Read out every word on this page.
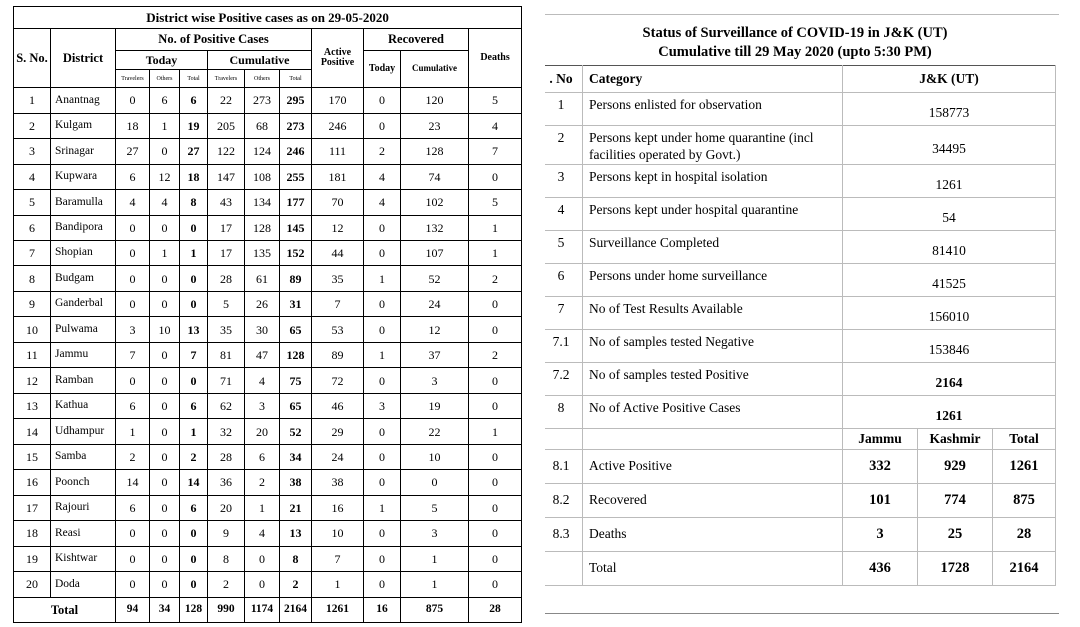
District wise Positive cases as on 29-05-2020											
S. No.	District	No. of Positive Cases						Active Positive	Recovered		Deaths
		Today			Cumulative				Today	Cumulative	
		Travelers	Others	Total	Travelers	Others	Total				
1	Anantnag	0	6	6	22	273	295	170	0	120	5
2	Kulgam	18	1	19	205	68	273	246	0	23	4
3	Srinagar	27	0	27	122	124	246	111	2	128	7
4	Kupwara	6	12	18	147	108	255	181	4	74	0
5	Baramulla	4	4	8	43	134	177	70	4	102	5
6	Bandipora	0	0	0	17	128	145	12	0	132	1
7	Shopian	0	1	1	17	135	152	44	0	107	1
8	Budgam	0	0	0	28	61	89	35	1	52	2
9	Ganderbal	0	0	0	5	26	31	7	0	24	0
10	Pulwama	3	10	13	35	30	65	53	0	12	0
11	Jammu	7	0	7	81	47	128	89	1	37	2
12	Ramban	0	0	0	71	4	75	72	0	3	0
13	Kathua	6	0	6	62	3	65	46	3	19	0
14	Udhampur	1	0	1	32	20	52	29	0	22	1
15	Samba	2	0	2	28	6	34	24	0	10	0
16	Poonch	14	0	14	36	2	38	38	0	0	0
17	Rajouri	6	0	6	20	1	21	16	1	5	0
18	Reasi	0	0	0	9	4	13	10	0	3	0
19	Kishtwar	0	0	0	8	0	8	7	0	1	0
20	Doda	0	0	0	2	0	2	1	0	1	0
Total		94	34	128	990	1174	2164	1261	16	875	28
Status of Surveillance of COVID-19 in J&K (UT)
Cumulative till 29 May 2020 (upto 5:30 PM)
. No	Category	J&K (UT)		
1	Persons enlisted for observation	158773		
2	Persons kept under home quarantine (incl facilities operated by Govt.)	34495		
3	Persons kept in hospital isolation	1261		
4	Persons kept under hospital quarantine	54		
5	Surveillance Completed	81410		
6	Persons under home surveillance	41525		
7	No of Test Results Available	156010		
7.1	No of samples tested Negative	153846		
7.2	No of samples tested Positive	2164		
8	No of Active Positive Cases	1261		
		Jammu	Kashmir	Total
8.1	Active Positive	332	929	1261
8.2	Recovered	101	774	875
8.3	Deaths	3	25	28
	Total	436	1728	2164
